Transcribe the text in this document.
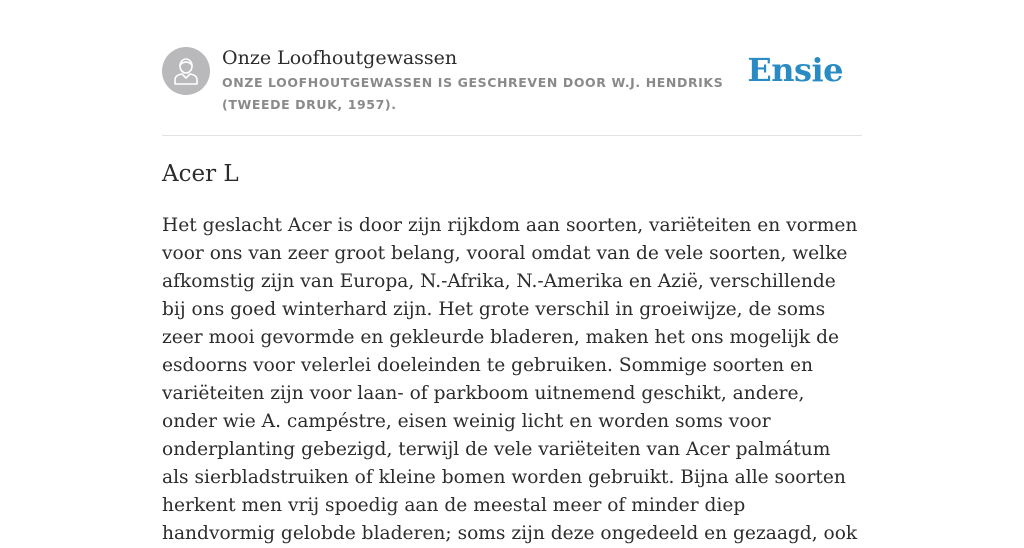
Onze Loofhoutgewassen
ONZE LOOFHOUTGEWASSEN IS GESCHREVEN DOOR W.J. HENDRIKS (TWEEDE DRUK, 1957).
Ensie
Acer L

Het geslacht Acer is door zijn rijkdom aan soorten, variëteiten en vormen voor ons van zeer groot belang, vooral omdat van de vele soorten, welke afkomstig zijn van Europa, N.-Afrika, N.-Amerika en Azië, verschillende bij ons goed winterhard zijn. Het grote verschil in groeiwijze, de soms zeer mooi gevormde en gekleurde bladeren, maken het ons mogelijk de esdoorns voor velerlei doeleinden te gebruiken. Sommige soorten en variëteiten zijn voor laan- of parkboom uitnemend geschikt, andere, onder wie A. campéstre, eisen weinig licht en worden soms voor onderplanting gebezigd, terwijl de vele variëteiten van Acer palmátum als sierbladstruiken of kleine bomen worden gebruikt. Bijna alle soorten herkent men vrij spoedig aan de meestal meer of minder diep handvormig gelobde bladeren; soms zijn deze ongedeeld en gezaagd, ook
